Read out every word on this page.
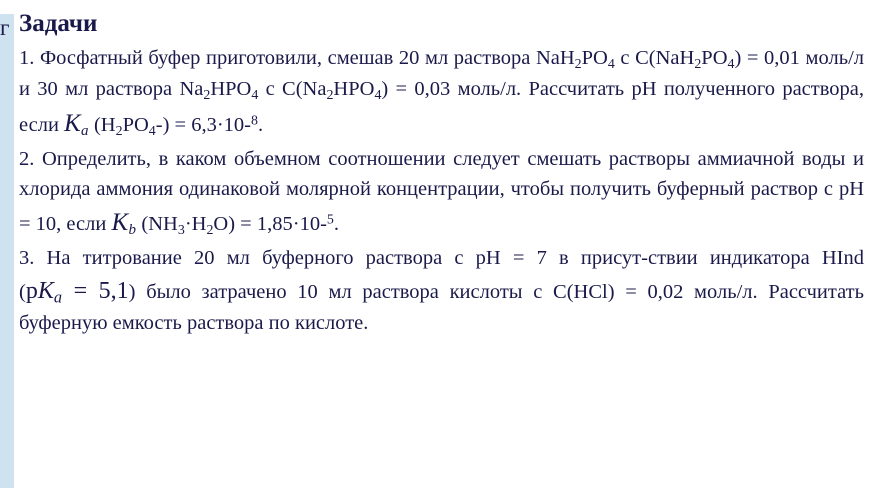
г Задачи

1. Фосфатный буфер приготовили, смешав 20 мл раствора $NaH_2PO_4$ с $C(NaH_2PO_4) = 0,01$ моль/л и 30 мл раствора $Na_2HPO_4$ с $C(Na_2HPO_4) = 0,03$ моль/л. Рассчитать pH полученного раствора, если $K_a$ $(H_2PO_4-) = 6,3\cdot 10-^8$.

2. Определить, в каком объемном соотношении следует смешать растворы аммиачной воды и хлорида аммония одинаковой молярной концентрации, чтобы получить буферный раствор с pH = 10, если $K_b$ $(NH_3\cdot H_2O) = 1,85\cdot 10-^5$.

3. На титрование 20 мл буферного раствора с pH = 7 в присут-ствии индикатора HInd $(pK_a = 5,1)$ было затрачено 10 мл раствора кислоты с C(HCl) = 0,02 моль/л. Рассчитать буферную емкость раствора по кислоте.
